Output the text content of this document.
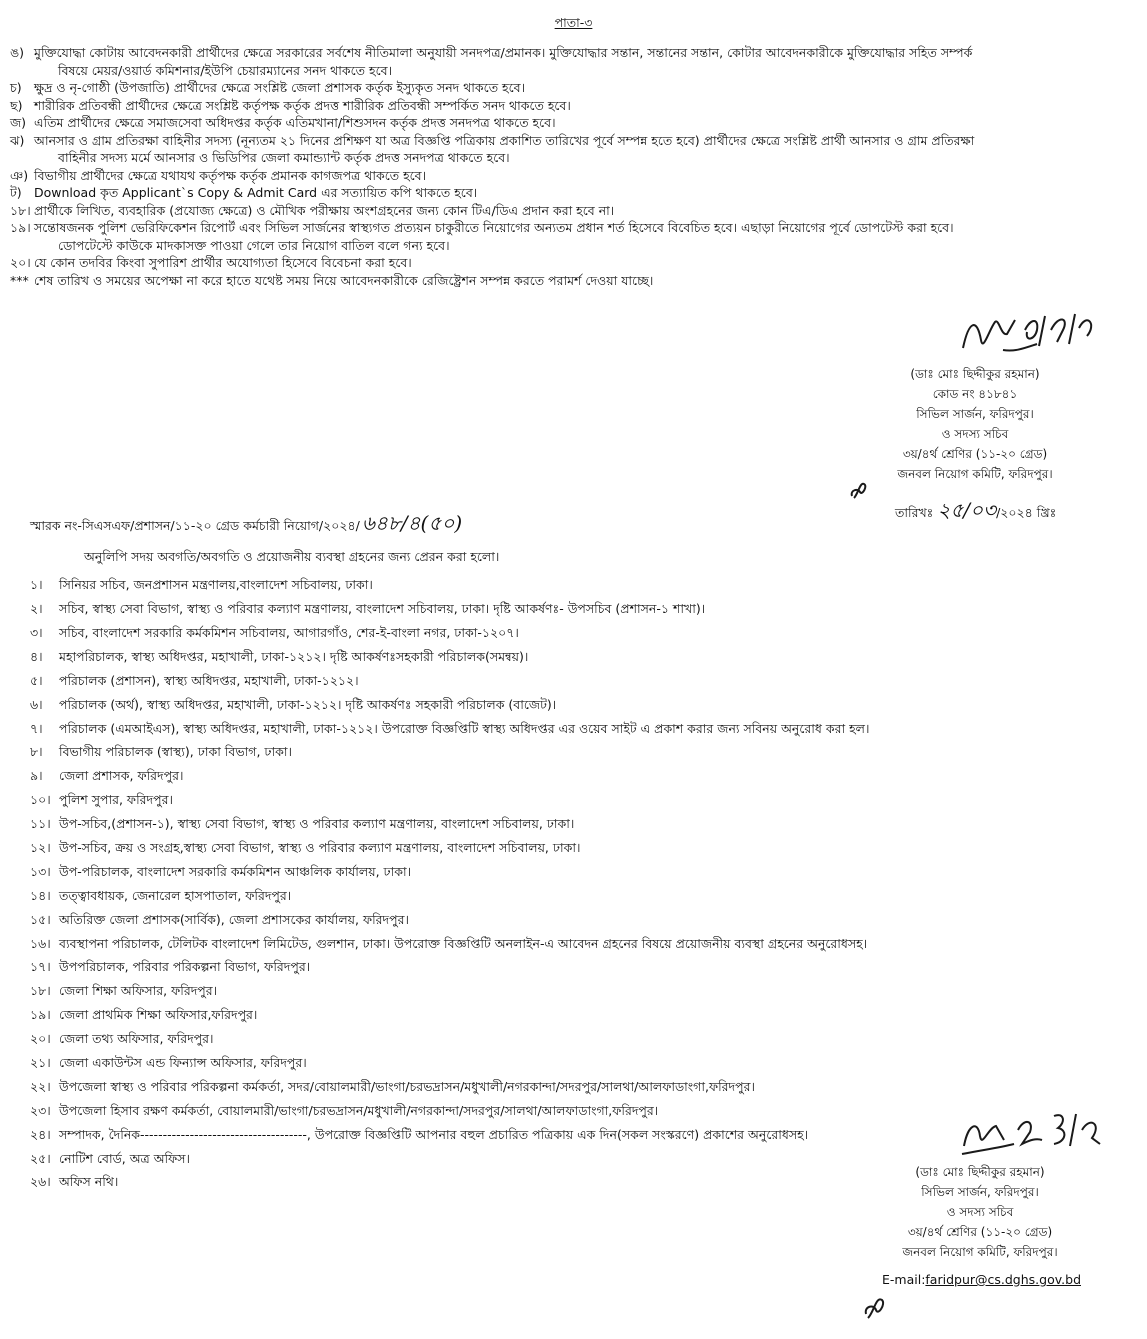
পাতা-৩
ঙ) মুক্তিযোদ্ধা কোটায় আবেদনকারী প্রার্থীদের ক্ষেত্রে সরকারের সর্বশেষ নীতিমালা অনুযায়ী সনদপত্র/প্রমানক। মুক্তিযোদ্ধার সন্তান, সন্তানের সন্তান, কোটার আবেদনকারীকে মুক্তিযোদ্ধার সহিত সম্পর্ক
বিষয়ে মেয়র/ওয়ার্ড কমিশনার/ইউপি চেয়ারম্যানের সনদ থাকতে হবে।
চ) ক্ষুদ্র ও নৃ-গোষ্ঠী (উপজাতি) প্রার্থীদের ক্ষেত্রে সংশ্লিষ্ট জেলা প্রশাসক কর্তৃক ইস্যুকৃত সনদ থাকতে হবে।
ছ) শারীরিক প্রতিবন্ধী প্রার্থীদের ক্ষেত্রে সংশ্লিষ্ট কর্তৃপক্ষ কর্তৃক প্রদত্ত শারীরিক প্রতিবন্ধী সম্পর্কিত সনদ থাকতে হবে।
জ) এতিম প্রার্থীদের ক্ষেত্রে সমাজসেবা অধিদপ্তর কর্তৃক এতিমখানা/শিশুসদন কর্তৃক প্রদত্ত সনদপত্র থাকতে হবে।
ঝ) আনসার ও গ্রাম প্রতিরক্ষা বাহিনীর সদস্য (নূন্যতম ২১ দিনের প্রশিক্ষণ যা অত্র বিজ্ঞপ্তি পত্রিকায় প্রকাশিত তারিখের পূর্বে সম্পন্ন হতে হবে) প্রার্থীদের ক্ষেত্রে সংশ্লিষ্ট প্রার্থী আনসার ও গ্রাম প্রতিরক্ষা
বাহিনীর সদস্য মর্মে আনসার ও ভিডিপির জেলা কমান্ড্যান্ট কর্তৃক প্রদত্ত সনদপত্র থাকতে হবে।
ঞ) বিভাগীয় প্রার্থীদের ক্ষেত্রে যথাযথ কর্তৃপক্ষ কর্তৃক প্রমানক কাগজপত্র থাকতে হবে।
ট) Download কৃত Applicant`s Copy & Admit Card এর সত্যায়িত কপি থাকতে হবে।
১৮। প্রার্থীকে লিখিত, ব্যবহারিক (প্রযোজ্য ক্ষেত্রে) ও মৌখিক পরীক্ষায় অংশগ্রহনের জন্য কোন টিএ/ডিএ প্রদান করা হবে না।
১৯। সন্তোষজনক পুলিশ ভেরিফিকেশন রিপোর্ট এবং সিভিল সার্জনের স্বাস্থ্যগত প্রত্যয়ন চাকুরীতে নিয়োগের অন্যতম প্রধান শর্ত হিসেবে বিবেচিত হবে। এছাড়া নিয়োগের পূর্বে ডোপটেস্ট করা হবে।
ডোপটেস্টে কাউকে মাদকাসক্ত পাওয়া গেলে তার নিয়োগ বাতিল বলে গন্য হবে।
২০। যে কোন তদবির কিংবা সুপারিশ প্রার্থীর অযোগ্যতা হিসেবে বিবেচনা করা হবে।
*** শেষ তারিখ ও সময়ের অপেক্ষা না করে হাতে যথেষ্ট সময় নিয়ে আবেদনকারীকে রেজিষ্ট্রেশন সম্পন্ন করতে পরামর্শ দেওয়া যাচ্ছে।
(ডাঃ মোঃ ছিদ্দীকুর রহমান)
কোড নং ৪১৮৪১
সিভিল সার্জন, ফরিদপুর।
ও সদস্য সচিব
৩য়/৪র্থ শ্রেণির (১১-২০ গ্রেড)
জনবল নিয়োগ কমিটি, ফরিদপুর।
স্মারক নং-সিএসএফ/প্রশাসন/১১-২০ গ্রেড কর্মচারী নিয়োগ/২০২৪/ ৬৪৮/৪(৫০)	তারিখঃ ২৫/০৩/২০২৪ খ্রিঃ
অনুলিপি সদয় অবগতি/অবগতি ও প্রয়োজনীয় ব্যবস্থা গ্রহনের জন্য প্রেরন করা হলো।
১।	সিনিয়র সচিব, জনপ্রশাসন মন্ত্রণালয়,বাংলাদেশ সচিবালয়, ঢাকা।
২।	সচিব, স্বাস্থ্য সেবা বিভাগ, স্বাস্থ্য ও পরিবার কল্যাণ মন্ত্রণালয়, বাংলাদেশ সচিবালয়, ঢাকা। দৃষ্টি আকর্ষণঃ- উপসচিব (প্রশাসন-১ শাখা)।
৩।	সচিব, বাংলাদেশ সরকারি কর্মকমিশন সচিবালয়, আগারগাঁও, শের-ই-বাংলা নগর, ঢাকা-১২০৭।
৪।	মহাপরিচালক, স্বাস্থ্য অধিদপ্তর, মহাখালী, ঢাকা-১২১২। দৃষ্টি আকর্ষণঃসহকারী পরিচালক(সমন্বয়)।
৫।	পরিচালক (প্রশাসন), স্বাস্থ্য অধিদপ্তর, মহাখালী, ঢাকা-১২১২।
৬।	পরিচালক (অর্থ), স্বাস্থ্য অধিদপ্তর, মহাখালী, ঢাকা-১২১২। দৃষ্টি আকর্ষণঃ সহকারী পরিচালক (বাজেট)।
৭।	পরিচালক (এমআইএস), স্বাস্থ্য অধিদপ্তর, মহাখালী, ঢাকা-১২১২। উপরোক্ত বিজ্ঞপ্তিটি স্বাস্থ্য অধিদপ্তর এর ওয়েব সাইট এ প্রকাশ করার জন্য সবিনয় অনুরোধ করা হল।
৮।	বিভাগীয় পরিচালক (স্বাস্থ্য), ঢাকা বিভাগ, ঢাকা।
৯।	জেলা প্রশাসক, ফরিদপুর।
১০। পুলিশ সুপার, ফরিদপুর।
১১। উপ-সচিব,(প্রশাসন-১), স্বাস্থ্য সেবা বিভাগ, স্বাস্থ্য ও পরিবার কল্যাণ মন্ত্রণালয়, বাংলাদেশ সচিবালয়, ঢাকা।
১২। উপ-সচিব, ক্রয় ও সংগ্রহ,স্বাস্থ্য সেবা বিভাগ, স্বাস্থ্য ও পরিবার কল্যাণ মন্ত্রণালয়, বাংলাদেশ সচিবালয়, ঢাকা।
১৩। উপ-পরিচালক, বাংলাদেশ সরকারি কর্মকমিশন আঞ্চলিক কার্যালয়, ঢাকা।
১৪। তত্ত্বাবধায়ক, জেনারেল হাসপাতাল, ফরিদপুর।
১৫। অতিরিক্ত জেলা প্রশাসক(সার্বিক), জেলা প্রশাসকের কার্যালয়, ফরিদপুর।
১৬। ব্যবস্থাপনা পরিচালক, টেলিটক বাংলাদেশ লিমিটেড, গুলশান, ঢাকা। উপরোক্ত বিজ্ঞপ্তিটি অনলাইন-এ আবেদন গ্রহনের বিষয়ে প্রয়োজনীয় ব্যবস্থা গ্রহনের অনুরোধসহ।
১৭। উপপরিচালক, পরিবার পরিকল্পনা বিভাগ, ফরিদপুর।
১৮। জেলা শিক্ষা অফিসার, ফরিদপুর।
১৯। জেলা প্রাথমিক শিক্ষা অফিসার,ফরিদপুর।
২০। জেলা তথ্য অফিসার, ফরিদপুর।
২১। জেলা একাউন্টস এন্ড ফিন্যান্স অফিসার, ফরিদপুর।
২২। উপজেলা স্বাস্থ্য ও পরিবার পরিকল্পনা কর্মকর্তা, সদর/বোয়ালমারী/ভাংগা/চরভদ্রাসন/মধুখালী/নগরকান্দা/সদরপুর/সালথা/আলফাডাংগা,ফরিদপুর।
২৩। উপজেলা হিসাব রক্ষণ কর্মকর্তা, বোয়ালমারী/ভাংগা/চরভদ্রাসন/মধুখালী/নগরকান্দা/সদরপুর/সালথা/আলফাডাংগা,ফরিদপুর।
২৪। সম্পাদক, দৈনিক-------------------------------------, উপরোক্ত বিজ্ঞপ্তিটি আপনার বহুল প্রচারিত পত্রিকায় এক দিন(সকল সংস্করণে) প্রকাশের অনুরোধসহ।
২৫। নোটিশ বোর্ড, অত্র অফিস।
২৬। অফিস নথি।
(ডাঃ মোঃ ছিদ্দীকুর রহমান)
সিভিল সার্জন, ফরিদপুর।
ও সদস্য সচিব
৩য়/৪র্থ শ্রেণির (১১-২০ গ্রেড)
জনবল নিয়োগ কমিটি, ফরিদপুর।
E-mail:faridpur@cs.dghs.gov.bd
